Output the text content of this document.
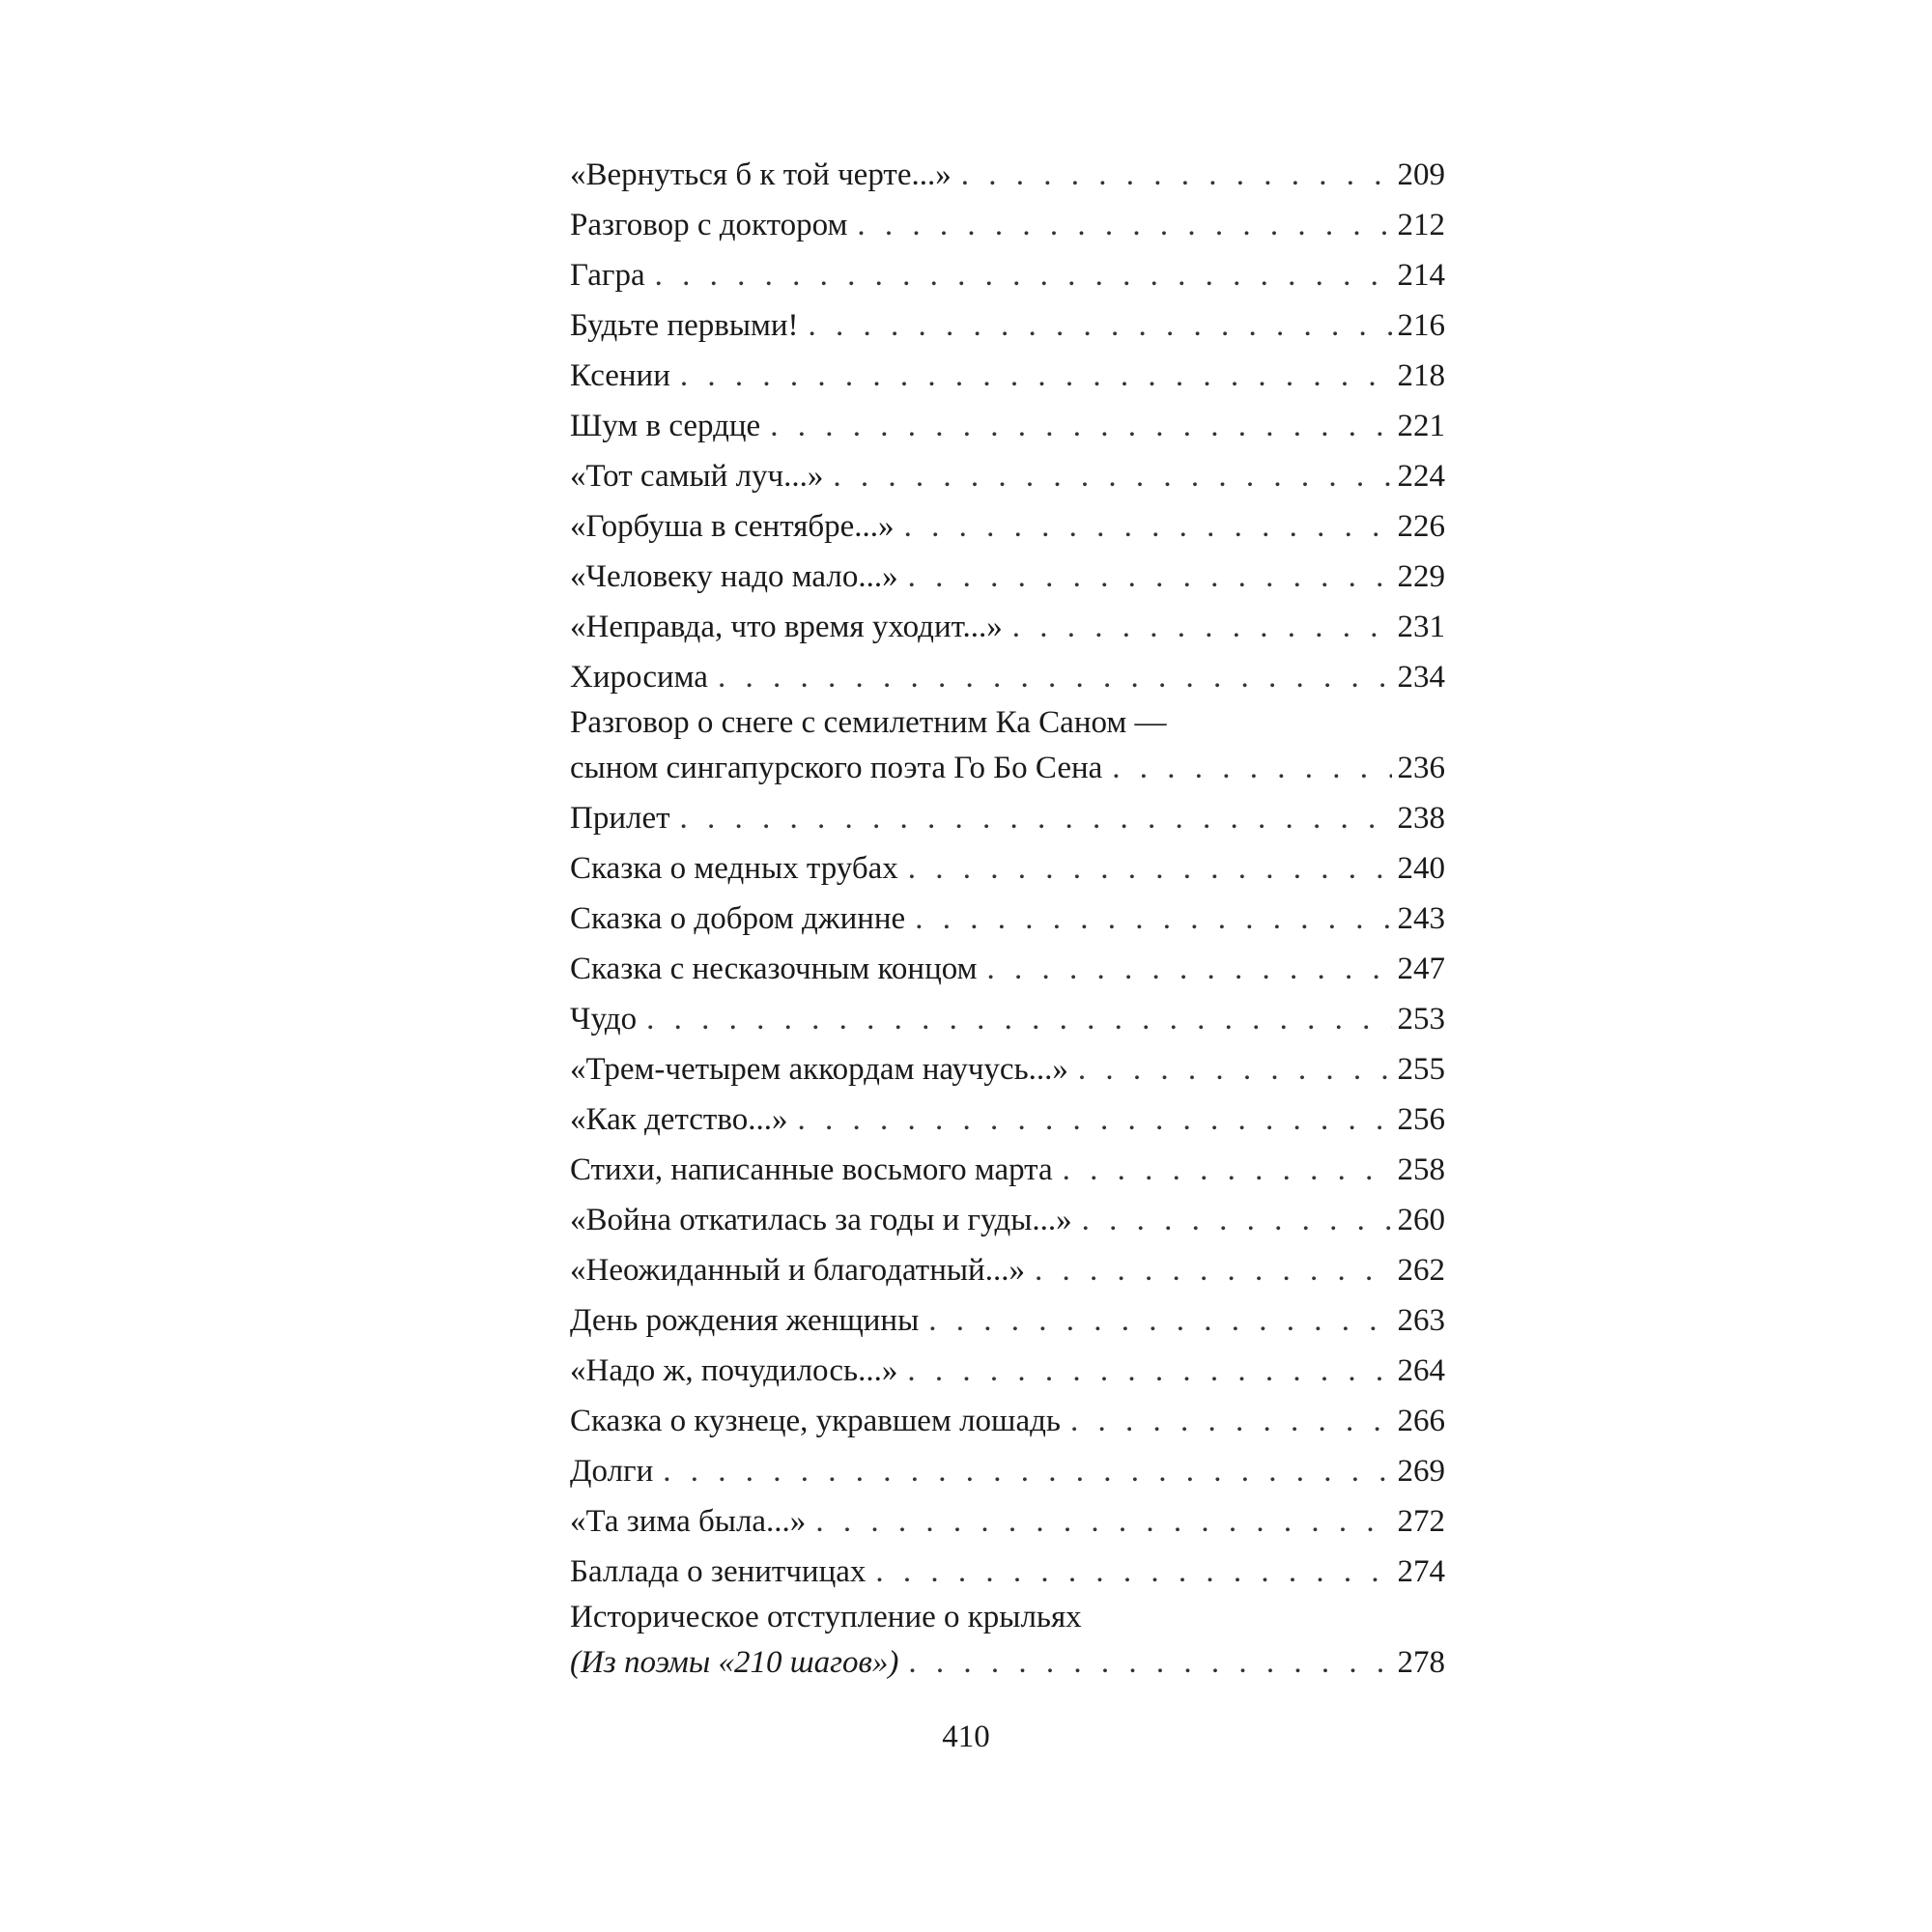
«Вернуться б к той черте...» . . .	209
Разговор с доктором . . .	212
Гагра . . .	214
Будьте первыми! . . .	216
Ксении . . .	218
Шум в сердце . . .	221
«Тот самый луч...» . . .	224
«Горбуша в сентябре...» . . .	226
«Человеку надо мало...» . . .	229
«Неправда, что время уходит...» . . .	231
Хиросима . . .	234
Разговор о снеге с семилетним Ка Саном —
сыном сингапурского поэта Го Бо Сена . . .	236
Прилет . . .	238
Сказка о медных трубах . . .	240
Сказка о добром джинне . . .	243
Сказка с несказочным концом . . .	247
Чудо . . .	253
«Трем-четырем аккордам научусь...» . . .	255
«Как детство...» . . .	256
Стихи, написанные восьмого марта . . .	258
«Война откатилась за годы и гуды...» . . .	260
«Неожиданный и благодатный...» . . .	262
День рождения женщины . . .	263
«Надо ж, почудилось...» . . .	264
Сказка о кузнеце, укравшем лошадь . . .	266
Долги . . .	269
«Та зима была...» . . .	272
Баллада о зенитчицах . . .	274
Историческое отступление о крыльях
(Из поэмы «210 шагов») . . .	278
410
